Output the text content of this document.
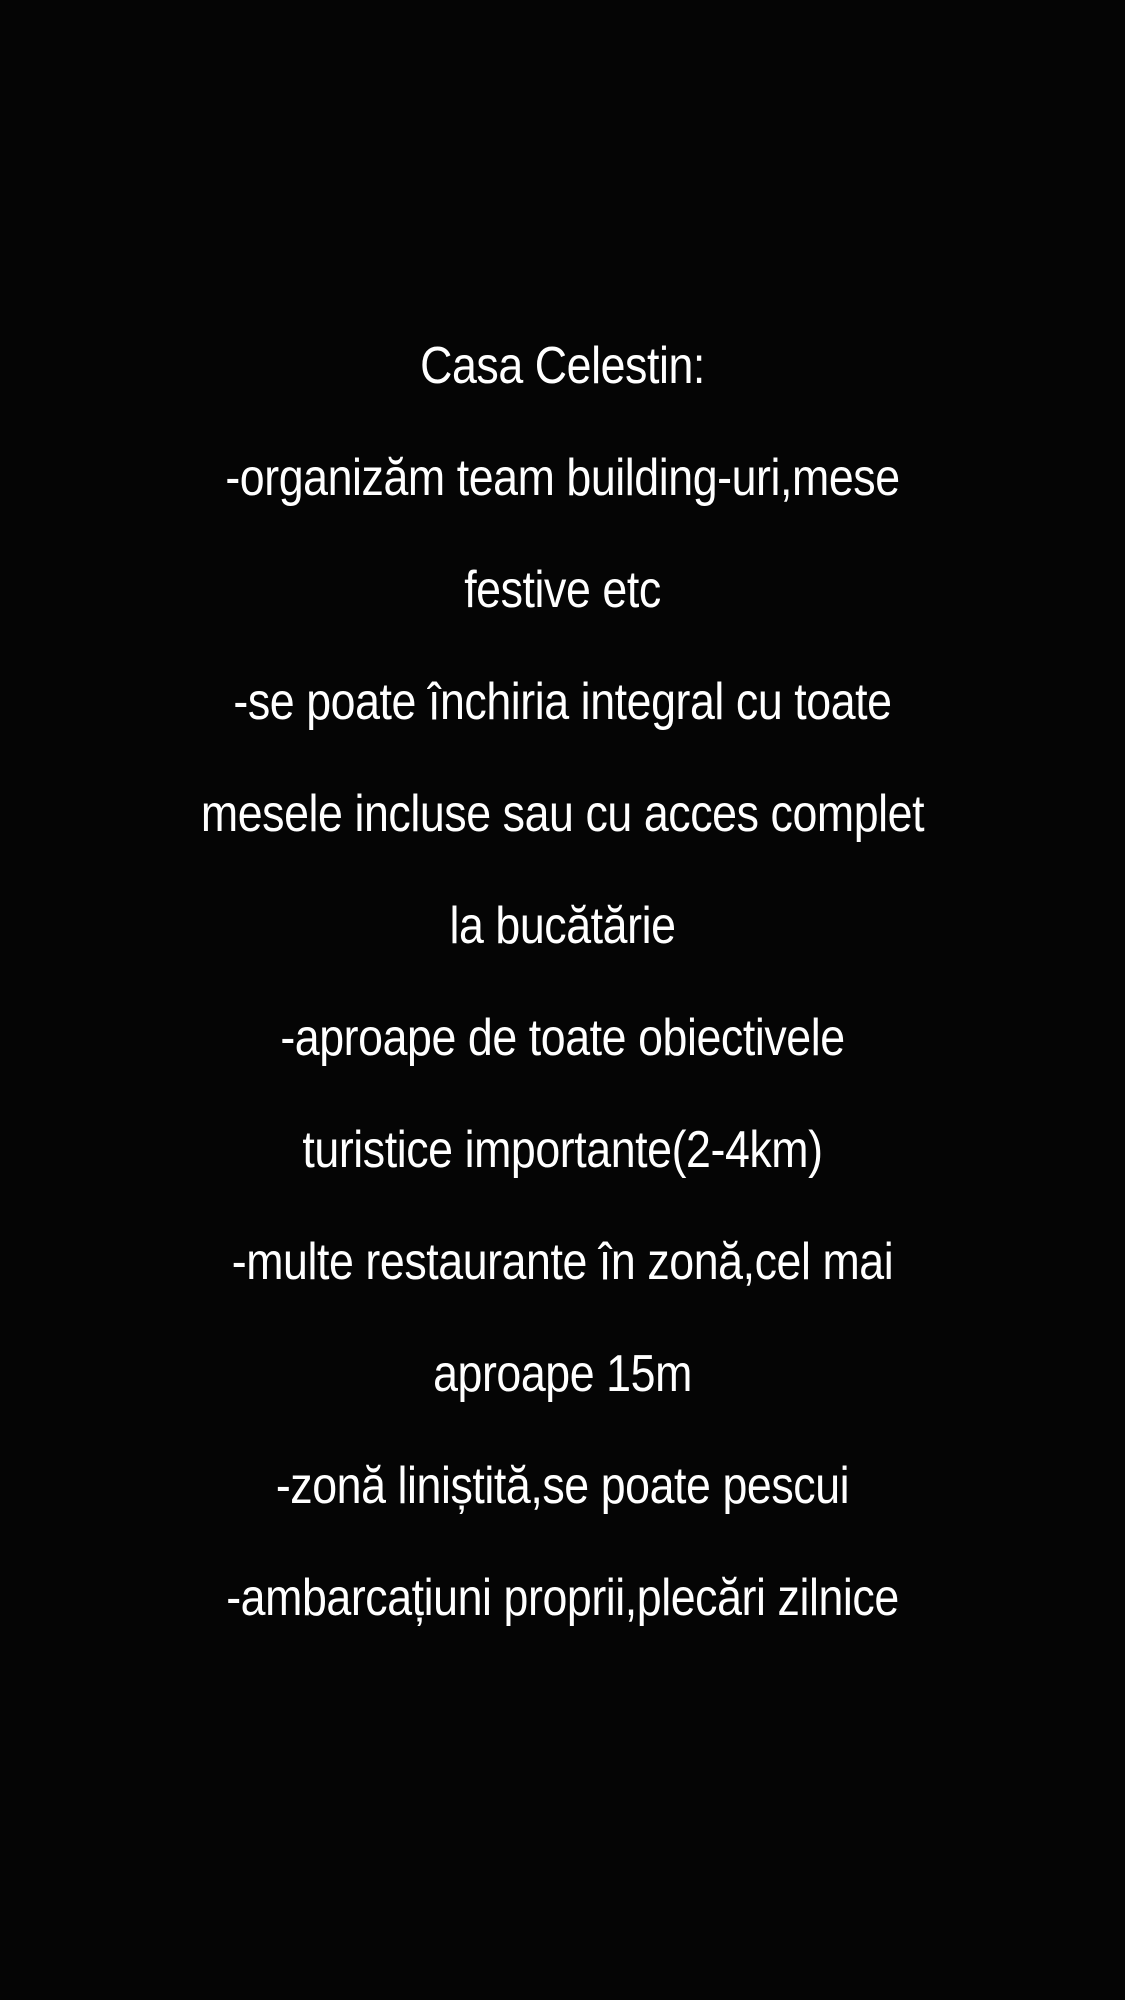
Casa Celestin:
-organizăm team building-uri,mese
festive etc
-se poate închiria integral cu toate
mesele incluse sau cu acces complet
la bucătărie
-aproape de toate obiectivele
turistice importante(2-4km)
-multe restaurante în zonă,cel mai
aproape 15m
-zonă liniștită,se poate pescui
-ambarcațiuni proprii,plecări zilnice
